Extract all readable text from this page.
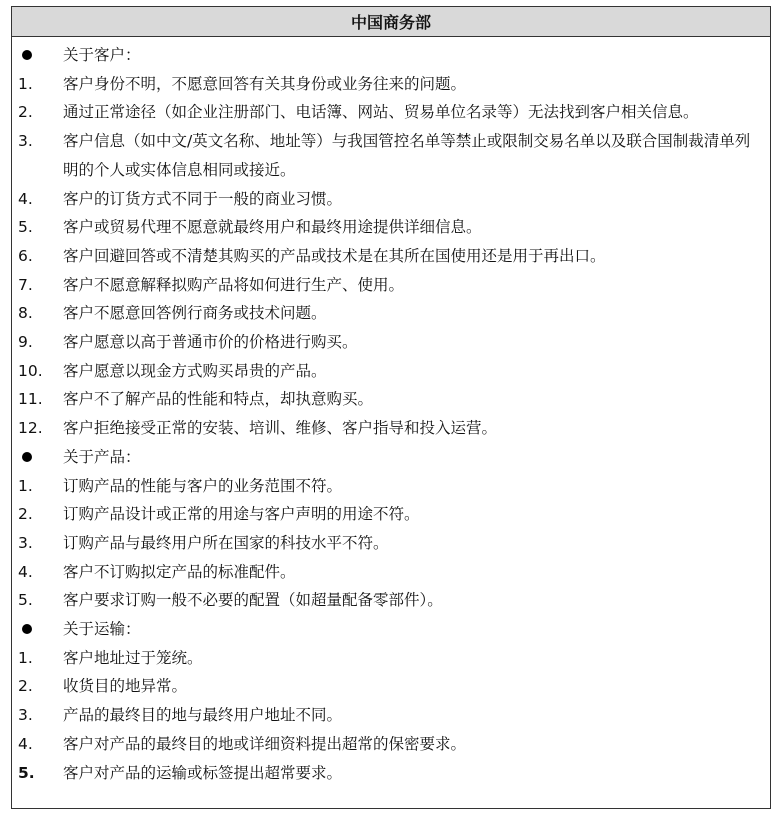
中国商务部
关于客户：
1.	客户身份不明，不愿意回答有关其身份或业务往来的问题。
2.	通过正常途径（如企业注册部门、电话簿、网站、贸易单位名录等）无法找到客户相关信息。
3.	客户信息（如中文/英文名称、地址等）与我国管控名单等禁止或限制交易名单以及联合国制裁清单列明的个人或实体信息相同或接近。
4.	客户的订货方式不同于一般的商业习惯。
5.	客户或贸易代理不愿意就最终用户和最终用途提供详细信息。
6.	客户回避回答或不清楚其购买的产品或技术是在其所在国使用还是用于再出口。
7.	客户不愿意解释拟购产品将如何进行生产、使用。
8.	客户不愿意回答例行商务或技术问题。
9.	客户愿意以高于普通市价的价格进行购买。
10.	客户愿意以现金方式购买昂贵的产品。
11.	客户不了解产品的性能和特点，却执意购买。
12.	客户拒绝接受正常的安装、培训、维修、客户指导和投入运营。
关于产品：
1.	订购产品的性能与客户的业务范围不符。
2.	订购产品设计或正常的用途与客户声明的用途不符。
3.	订购产品与最终用户所在国家的科技水平不符。
4.	客户不订购拟定产品的标准配件。
5.	客户要求订购一般不必要的配置（如超量配备零部件）。
关于运输：
1.	客户地址过于笼统。
2.	收货目的地异常。
3.	产品的最终目的地与最终用户地址不同。
4.	客户对产品的最终目的地或详细资料提出超常的保密要求。
5.	客户对产品的运输或标签提出超常要求。
